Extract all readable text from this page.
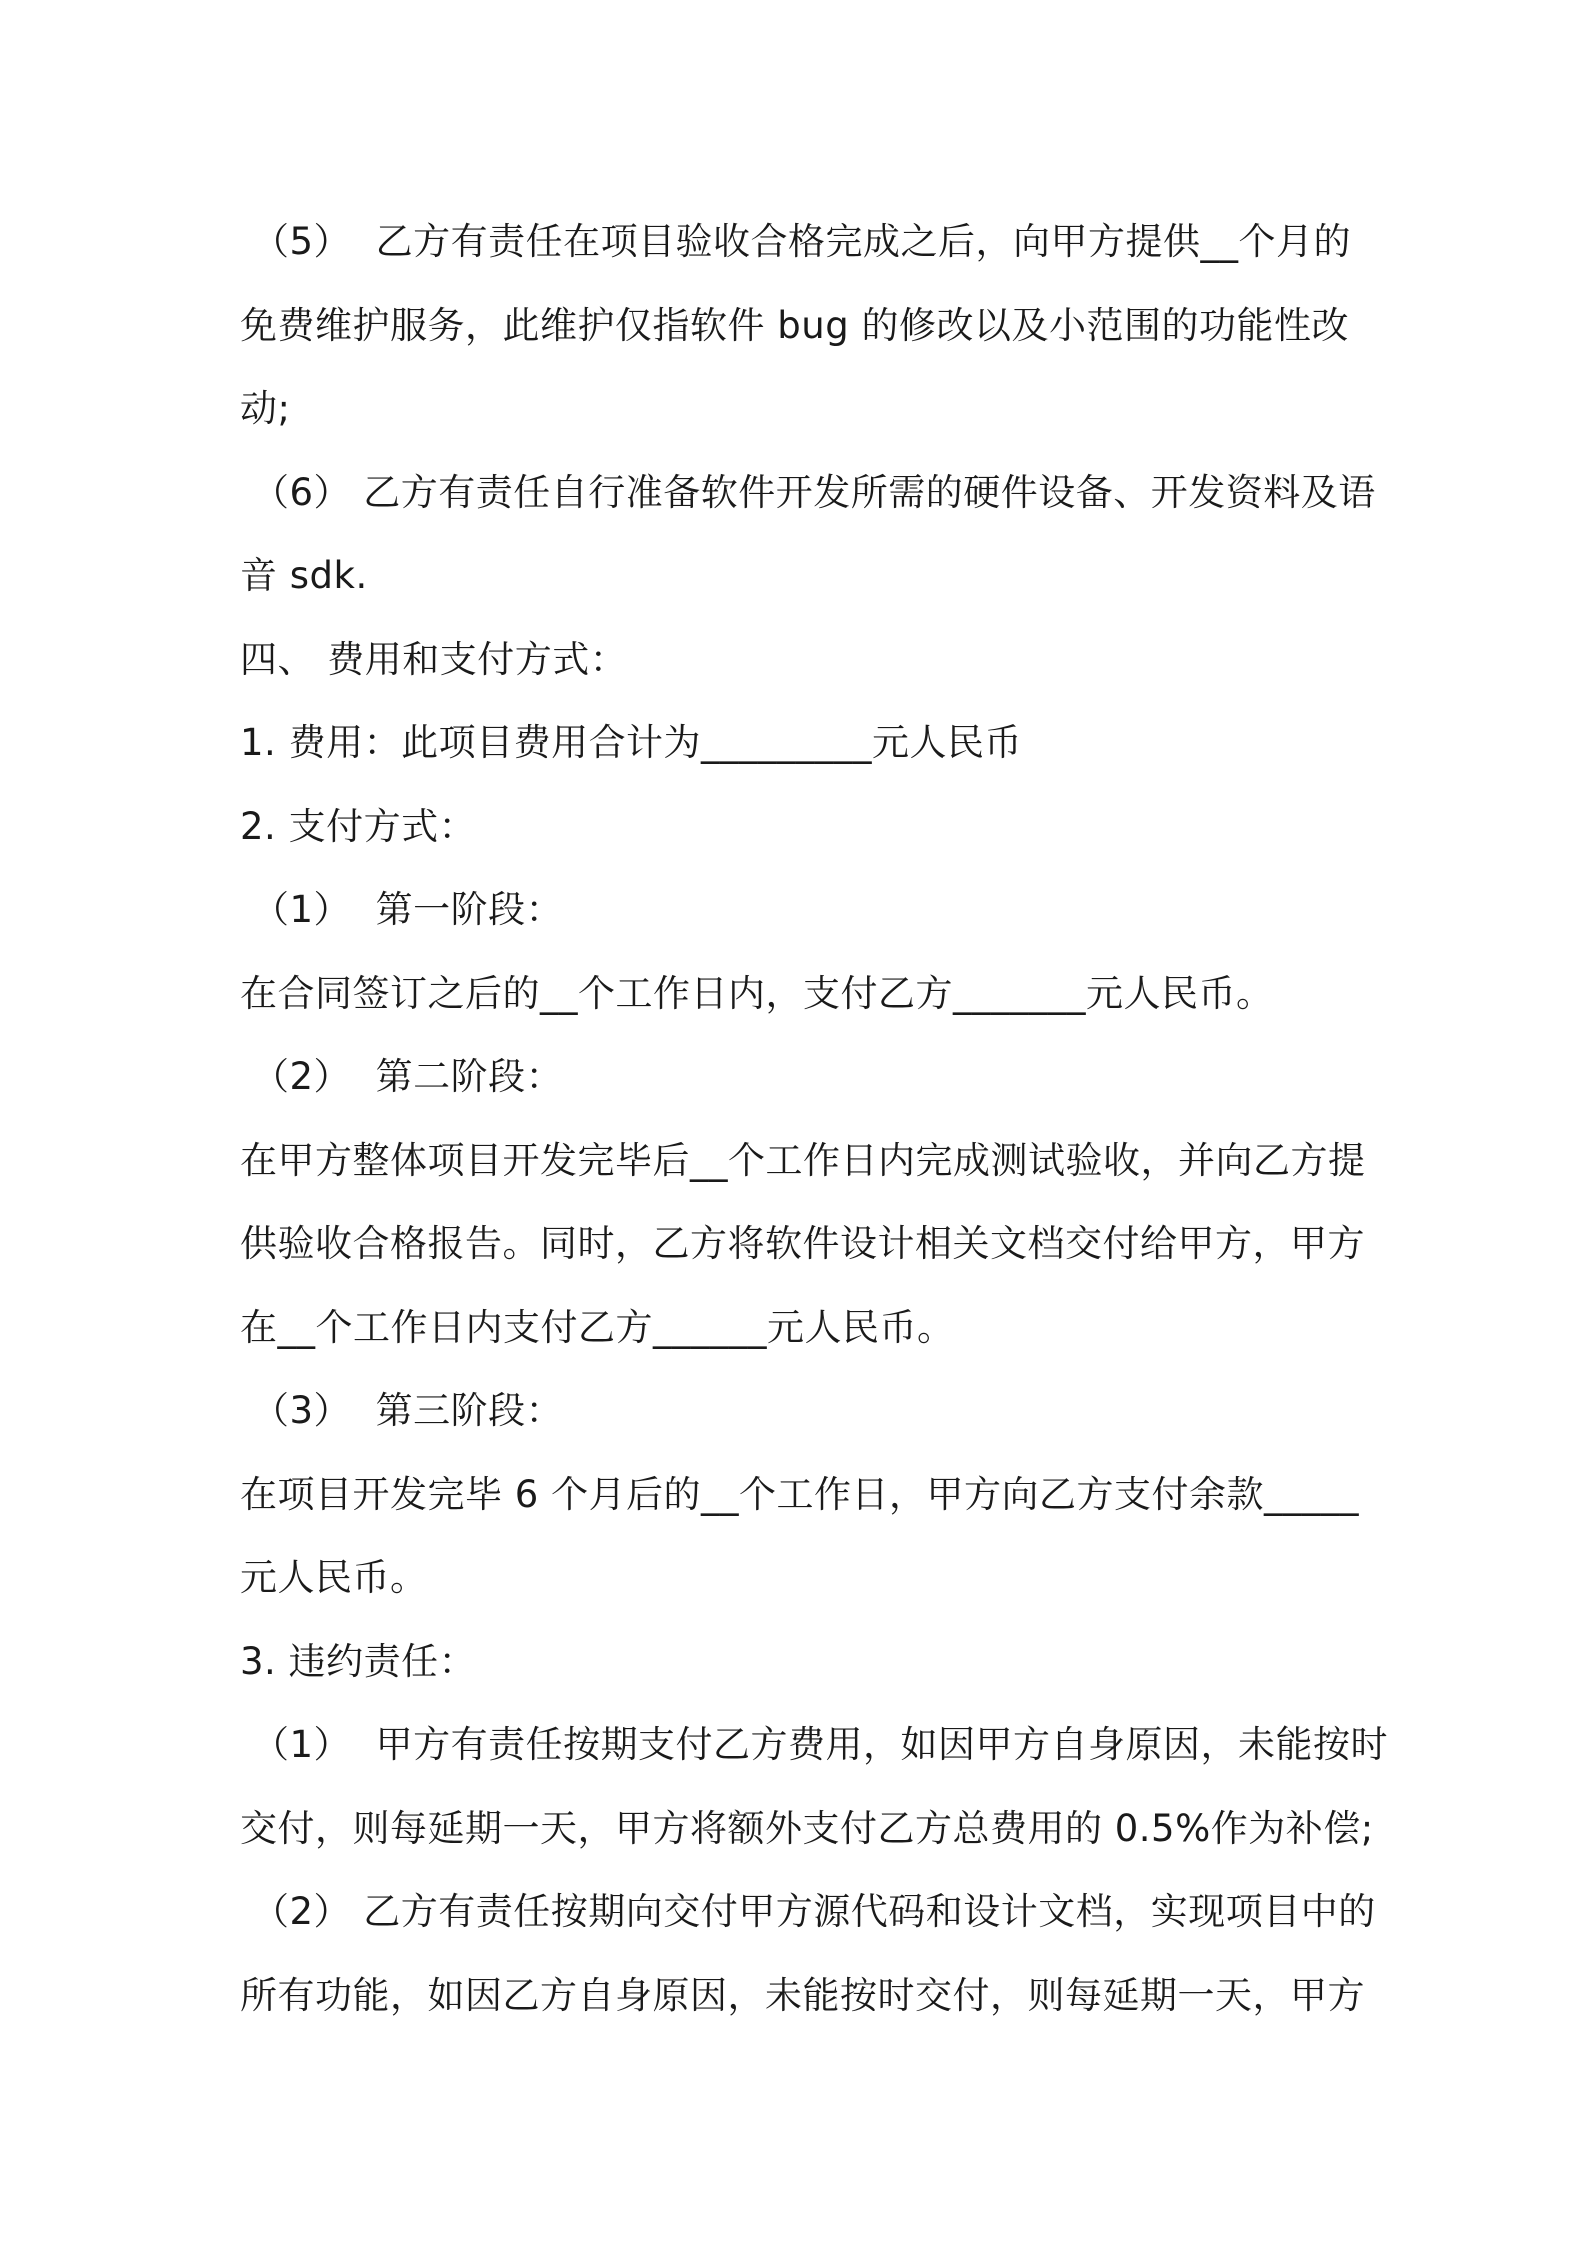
（5）  乙方有责任在项目验收合格完成之后，向甲方提供__个月的
免费维护服务，此维护仅指软件 bug 的修改以及小范围的功能性改
动;
（6） 乙方有责任自行准备软件开发所需的硬件设备、开发资料及语
音 sdk.
四、 费用和支付方式：
1. 费用：此项目费用合计为_________元人民币
2. 支付方式：
（1）  第一阶段：
在合同签订之后的__个工作日内，支付乙方_______元人民币。
（2）  第二阶段：
在甲方整体项目开发完毕后__个工作日内完成测试验收，并向乙方提
供验收合格报告。同时，乙方将软件设计相关文档交付给甲方，甲方
在__个工作日内支付乙方______元人民币。
（3）  第三阶段：
在项目开发完毕 6 个月后的__个工作日，甲方向乙方支付余款_____
元人民币。
3. 违约责任：
（1）  甲方有责任按期支付乙方费用，如因甲方自身原因，未能按时
交付，则每延期一天，甲方将额外支付乙方总费用的 0.5%作为补偿;
（2） 乙方有责任按期向交付甲方源代码和设计文档，实现项目中的
所有功能，如因乙方自身原因，未能按时交付，则每延期一天，甲方
